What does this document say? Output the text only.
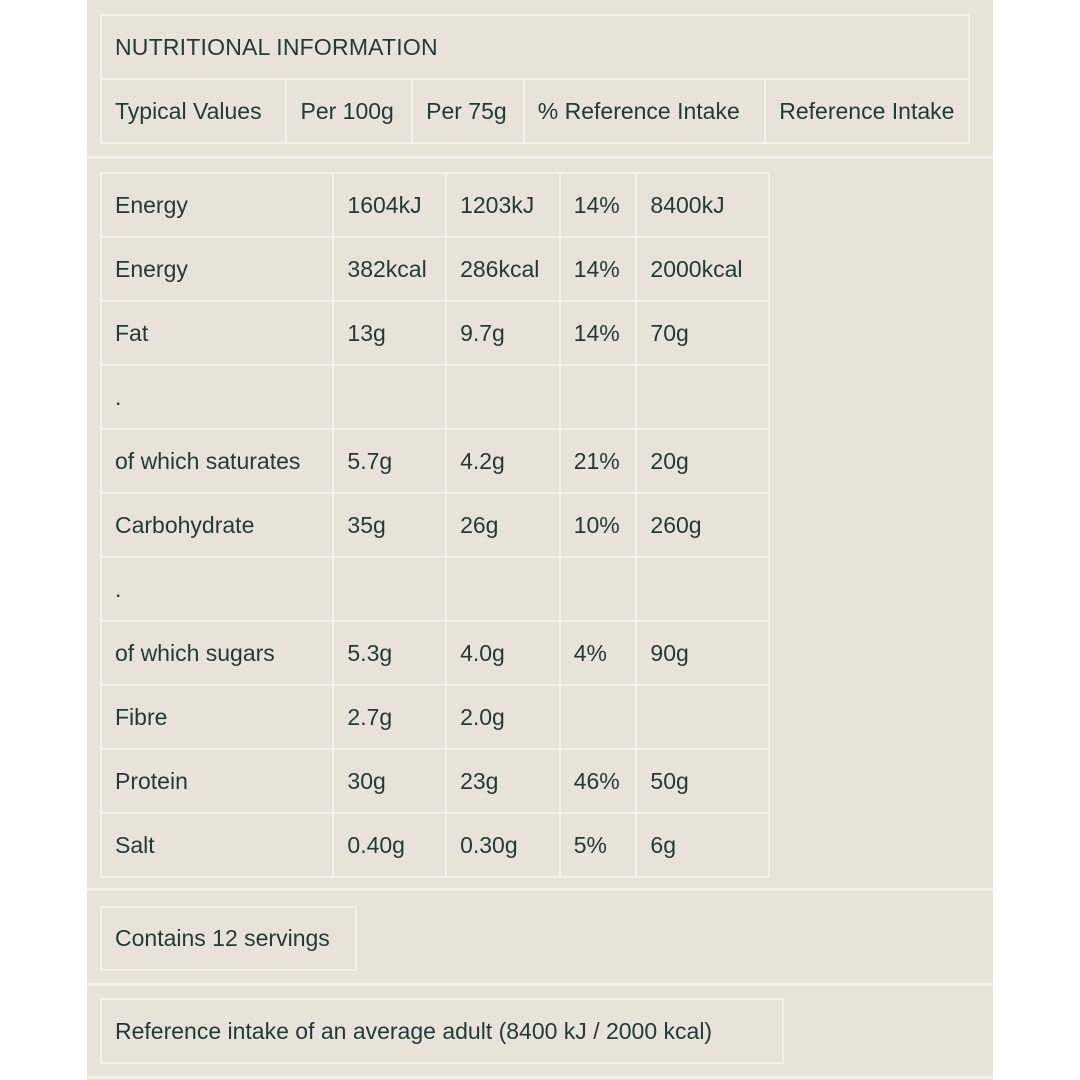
NUTRITIONAL INFORMATION
Typical Values	Per 100g	Per 75g	% Reference Intake	Reference Intake
Energy	1604kJ	1203kJ	14%	8400kJ
Energy	382kcal	286kcal	14%	2000kcal
Fat	13g	9.7g	14%	70g
.				
of which saturates	5.7g	4.2g	21%	20g
Carbohydrate	35g	26g	10%	260g
.				
of which sugars	5.3g	4.0g	4%	90g
Fibre	2.7g	2.0g		
Protein	30g	23g	46%	50g
Salt	0.40g	0.30g	5%	6g
Contains 12 servings
Reference intake of an average adult (8400 kJ / 2000 kcal)
